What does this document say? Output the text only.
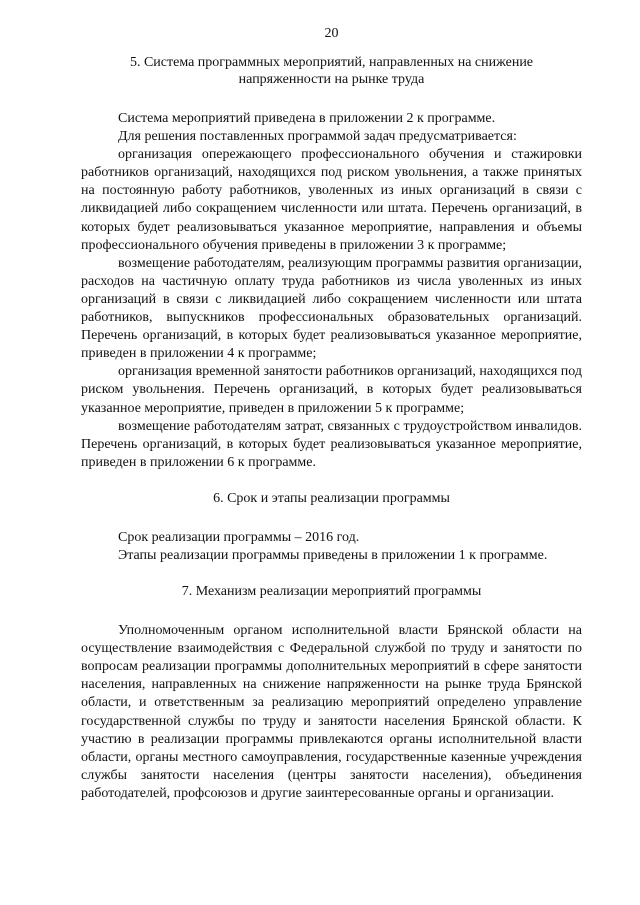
20
5. Система программных мероприятий, направленных на снижение напряженности на рынке труда

Система мероприятий приведена в приложении 2 к программе.

Для решения поставленных программой задач предусматривается:

организация опережающего профессионального обучения и стажировки работников организаций, находящихся под риском увольнения, а также принятых на постоянную работу работников, уволенных из иных организаций в связи с ликвидацией либо сокращением численности или штата. Перечень организаций, в которых будет реализовываться указанное мероприятие, направления и объемы профессионального обучения приведены в приложении 3 к программе;

возмещение работодателям, реализующим программы развития организации, расходов на частичную оплату труда работников из числа уволенных из иных организаций в связи с ликвидацией либо сокращением численности или штата работников, выпускников профессиональных образовательных организаций. Перечень организаций, в которых будет реализовываться указанное мероприятие, приведен в приложении 4 к программе;

организация временной занятости работников организаций, находящихся под риском увольнения. Перечень организаций, в которых будет реализовываться указанное мероприятие, приведен в приложении 5 к программе;

возмещение работодателям затрат, связанных с трудоустройством инвалидов. Перечень организаций, в которых будет реализовываться указанное мероприятие, приведен в приложении 6 к программе.

6. Срок и этапы реализации программы

Срок реализации программы – 2016 год.

Этапы реализации программы приведены в приложении 1 к программе.

7. Механизм реализации мероприятий программы

Уполномоченным органом исполнительной власти Брянской области на осуществление взаимодействия с Федеральной службой по труду и занятости по вопросам реализации программы дополнительных мероприятий в сфере занятости населения, направленных на снижение напряженности на рынке труда Брянской области, и ответственным за реализацию мероприятий определено управление государственной службы по труду и занятости населения Брянской области. К участию в реализации программы привлекаются органы исполнительной власти области, органы местного самоуправления, государственные казенные учреждения службы занятости населения (центры занятости населения), объединения работодателей, профсоюзов и другие заинтересованные органы и организации.
